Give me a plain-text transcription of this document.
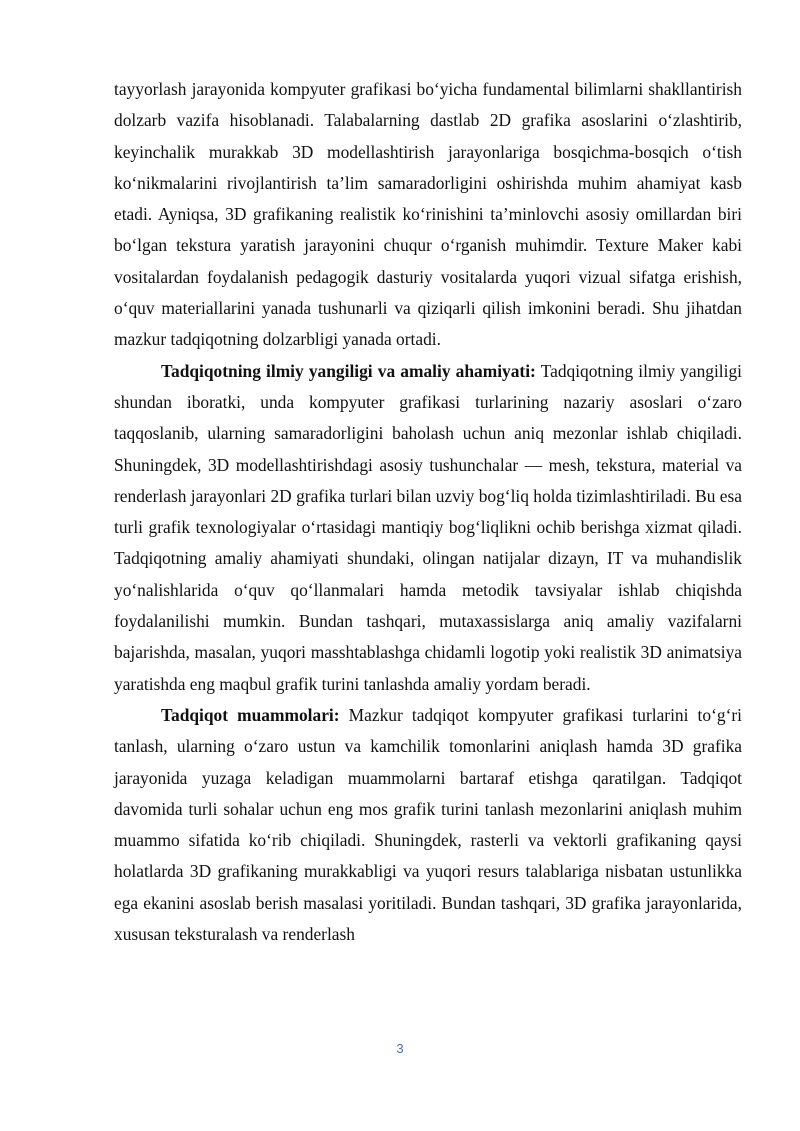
tayyorlash jarayonida kompyuter grafikasi bo‘yicha fundamental bilimlarni shakllantirish dolzarb vazifa hisoblanadi. Talabalarning dastlab 2D grafika asoslarini o‘zlashtirib, keyinchalik murakkab 3D modellashtirish jarayonlariga bosqichma-bosqich o‘tish ko‘nikmalarini rivojlantirish ta’lim samaradorligini oshirishda muhim ahamiyat kasb etadi. Ayniqsa, 3D grafikaning realistik ko‘rinishini ta’minlovchi asosiy omillardan biri bo‘lgan tekstura yaratish jarayonini chuqur o‘rganish muhimdir. Texture Maker kabi vositalardan foydalanish pedagogik dasturiy vositalarda yuqori vizual sifatga erishish, o‘quv materiallarini yanada tushunarli va qiziqarli qilish imkonini beradi. Shu jihatdan mazkur tadqiqotning dolzarbligi yanada ortadi.

Tadqiqotning ilmiy yangiligi va amaliy ahamiyati: Tadqiqotning ilmiy yangiligi shundan iboratki, unda kompyuter grafikasi turlarining nazariy asoslari o‘zaro taqqoslanib, ularning samaradorligini baholash uchun aniq mezonlar ishlab chiqiladi. Shuningdek, 3D modellashtirishdagi asosiy tushunchalar — mesh, tekstura, material va renderlash jarayonlari 2D grafika turlari bilan uzviy bog‘liq holda tizimlashtiriladi. Bu esa turli grafik texnologiyalar o‘rtasidagi mantiqiy bog‘liqlikni ochib berishga xizmat qiladi. Tadqiqotning amaliy ahamiyati shundaki, olingan natijalar dizayn, IT va muhandislik yo‘nalishlarida o‘quv qo‘llanmalari hamda metodik tavsiyalar ishlab chiqishda foydalanilishi mumkin. Bundan tashqari, mutaxassislarga aniq amaliy vazifalarni bajarishda, masalan, yuqori masshtablashga chidamli logotip yoki realistik 3D animatsiya yaratishda eng maqbul grafik turini tanlashda amaliy yordam beradi.

Tadqiqot muammolari: Mazkur tadqiqot kompyuter grafikasi turlarini to‘g‘ri tanlash, ularning o‘zaro ustun va kamchilik tomonlarini aniqlash hamda 3D grafika jarayonida yuzaga keladigan muammolarni bartaraf etishga qaratilgan. Tadqiqot davomida turli sohalar uchun eng mos grafik turini tanlash mezonlarini aniqlash muhim muammo sifatida ko‘rib chiqiladi. Shuningdek, rasterli va vektorli grafikaning qaysi holatlarda 3D grafikaning murakkabligi va yuqori resurs talablariga nisbatan ustunlikka ega ekanini asoslab berish masalasi yoritiladi. Bundan tashqari, 3D grafika jarayonlarida, xususan teksturalash va renderlash

3
